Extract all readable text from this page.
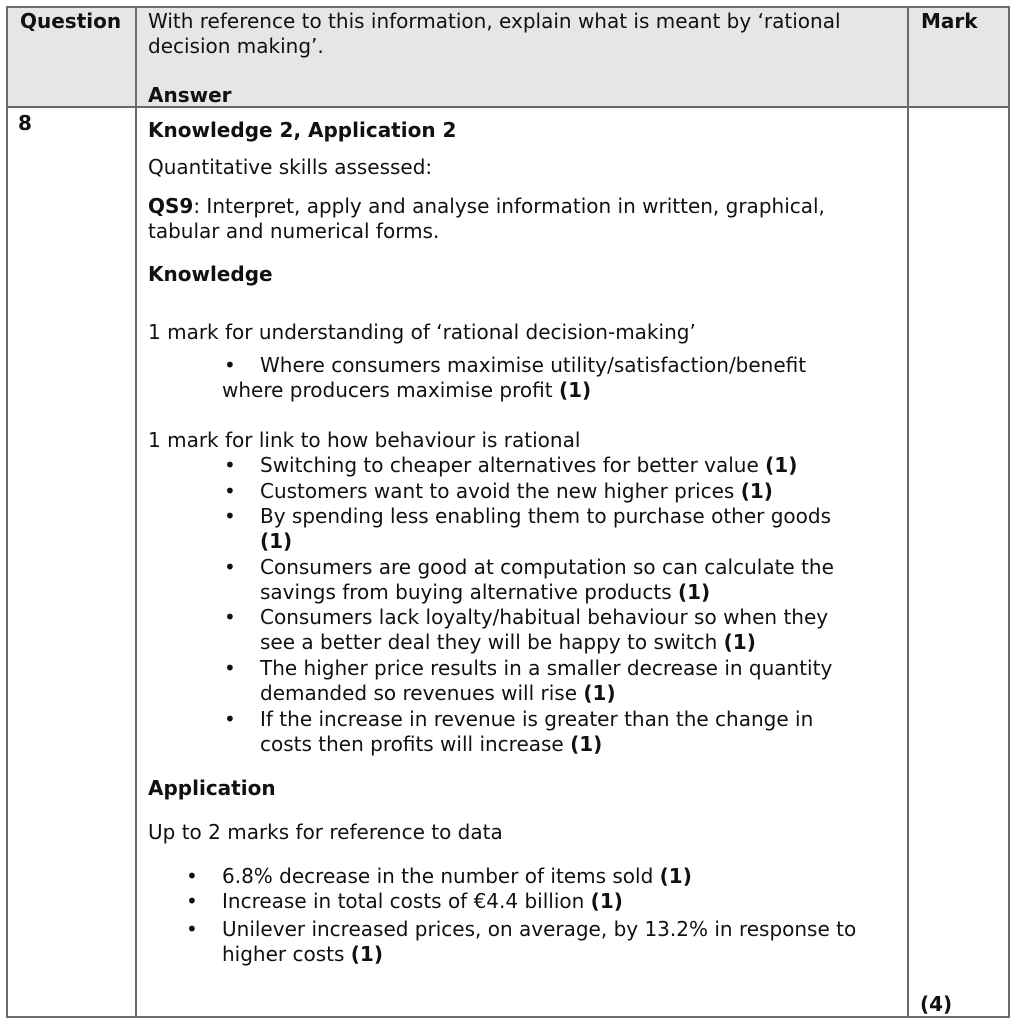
Question With reference to this information, explain what is meant by ‘rational
decision making’.
Answer
Mark
8
(4)
Knowledge 2, Application 2
Quantitative skills assessed:
QS9: Interpret, apply and analyse information in written, graphical,
tabular and numerical forms.
Knowledge
1 mark for understanding of ‘rational decision-making’
• Where consumers maximise utility/satisfaction/benefit
where producers maximise profit (1)
1 mark for link to how behaviour is rational
• Switching to cheaper alternatives for better value (1)
• Customers want to avoid the new higher prices (1)
• By spending less enabling them to purchase other goods
(1)
• Consumers are good at computation so can calculate the
savings from buying alternative products (1)
• Consumers lack loyalty/habitual behaviour so when they
see a better deal they will be happy to switch (1)
• The higher price results in a smaller decrease in quantity
demanded so revenues will rise (1)
• If the increase in revenue is greater than the change in
costs then profits will increase (1)
Application
Up to 2 marks for reference to data
• 6.8% decrease in the number of items sold (1)
• Increase in total costs of €4.4 billion (1)
• Unilever increased prices, on average, by 13.2% in response to
higher costs (1)
